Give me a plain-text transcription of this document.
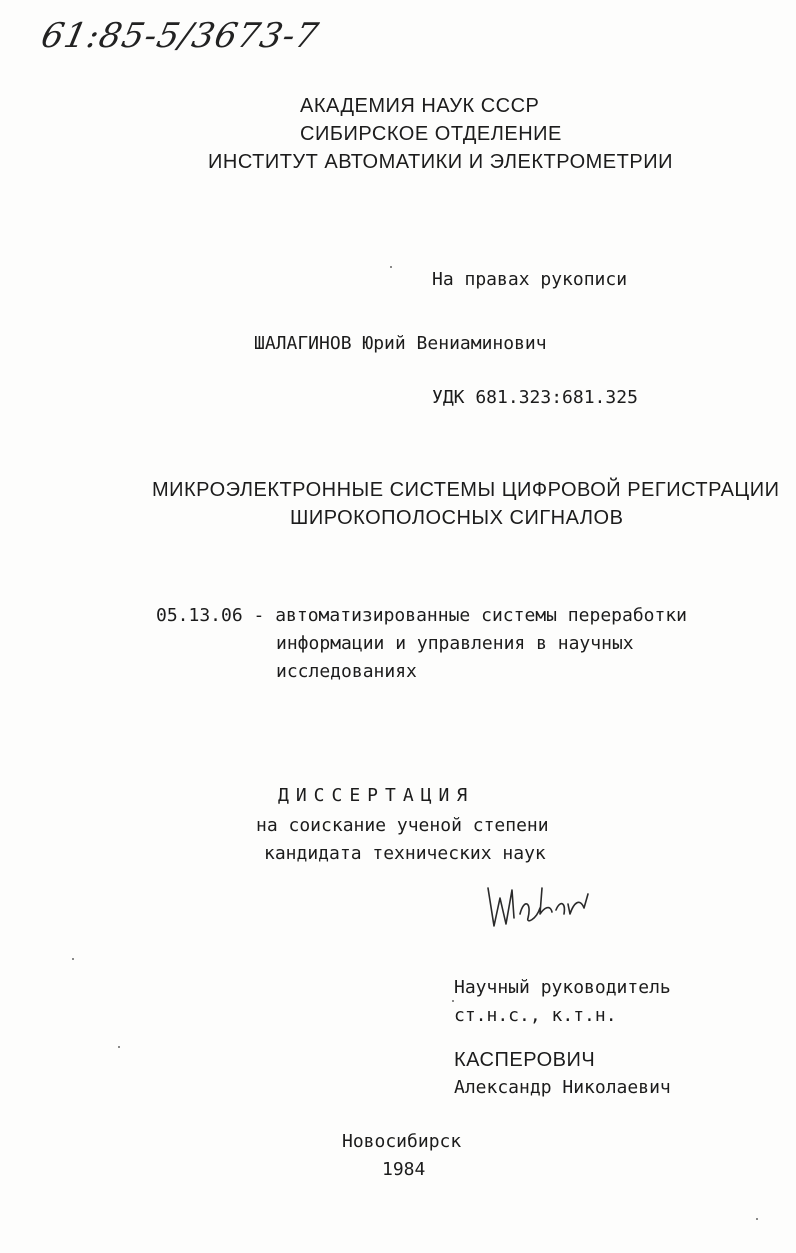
61:85-5/3673-7
АКАДЕМИЯ НАУК СССР
СИБИРСКОЕ ОТДЕЛЕНИЕ
ИНСТИТУТ АВТОМАТИКИ И ЭЛЕКТРОМЕТРИИ
На правах рукописи
ШАЛАГИНОВ Юрий Вениаминович
УДК 681.323:681.325
МИКРОЭЛЕКТРОННЫЕ СИСТЕМЫ ЦИФРОВОЙ РЕГИСТРАЦИИ
ШИРОКОПОЛОСНЫХ СИГНАЛОВ
05.13.06 - автоматизированные системы переработки
информации и управления в научных
исследованиях
ДИССЕРТАЦИЯ
на соискание ученой степени
кандидата технических наук
Научный руководитель
ст.н.с., к.т.н.
КАСПЕРОВИЧ
Александр Николаевич
Новосибирск
1984
